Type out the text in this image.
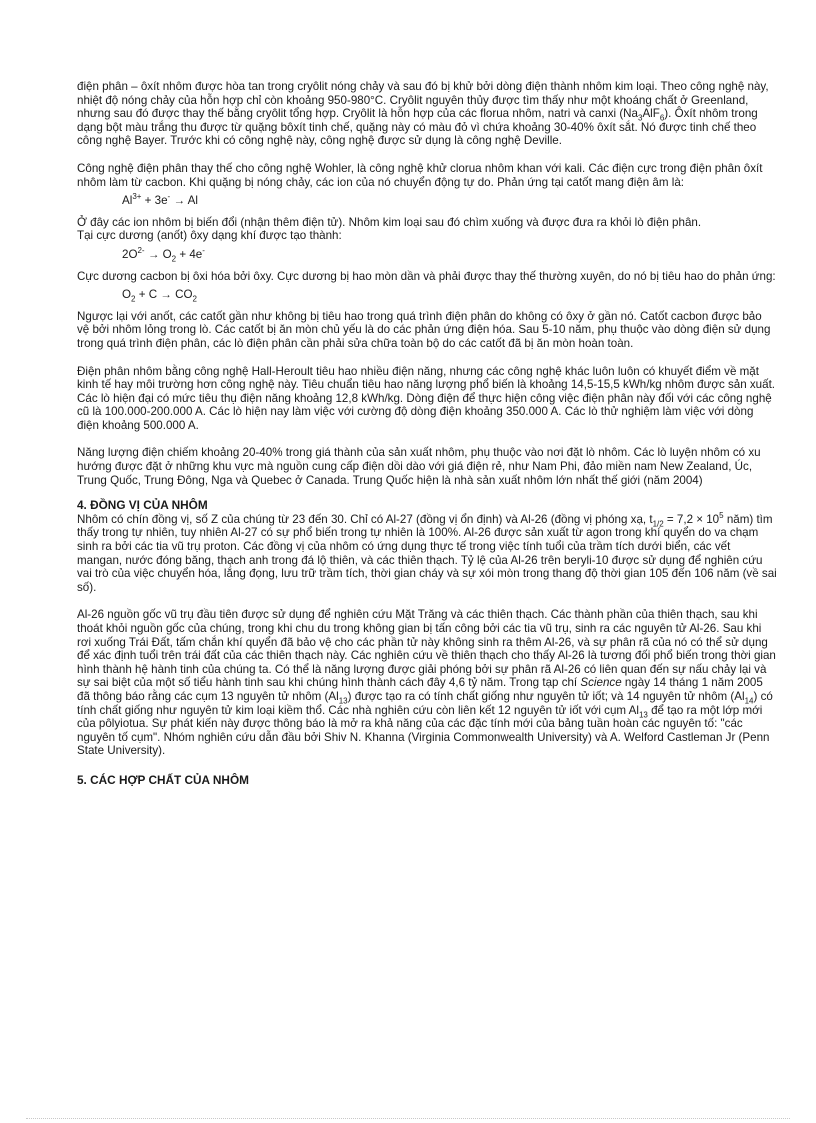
điện phân – ôxít nhôm được hòa tan trong cryôlit nóng chảy và sau đó bị khử bởi dòng điện thành nhôm kim loại. Theo công nghệ này, nhiệt độ nóng chảy của hỗn hợp chỉ còn khoảng 950-980°C. Cryôlit nguyên thủy được tìm thấy như một khoáng chất ở Greenland, nhưng sau đó được thay thế bằng cryôlit tổng hợp. Cryôlit là hỗn hợp của các florua nhôm, natri và canxi $(Na_3AlF_6)$. Ôxít nhôm trong dạng bột màu trắng thu được từ quặng bôxít tinh chế, quặng này có màu đỏ vì chứa khoảng 30-40% ôxít sắt. Nó được tinh chế theo công nghệ Bayer. Trước khi có công nghệ này, công nghệ được sử dụng là công nghệ Deville.

Công nghệ điện phân thay thế cho công nghệ Wohler, là công nghệ khử clorua nhôm khan với kali. Các điện cực trong điện phân ôxít nhôm làm từ cacbon. Khi quặng bị nóng chảy, các ion của nó chuyển động tự do. Phản ứng tại catốt mang điện âm là:

$Al^{3+} + 3e^- \to Al$

Ở đây các ion nhôm bị biến đổi (nhận thêm điện tử). Nhôm kim loại sau đó chìm xuống và được đưa ra khỏi lò điện phân.

Tại cực dương (anốt) ôxy dạng khí được tạo thành:

$2O^{2-} \to O_2 + 4e^-$

Cực dương cacbon bị ôxi hóa bởi ôxy. Cực dương bị hao mòn dần và phải được thay thế thường xuyên, do nó bị tiêu hao do phản ứng:

$O_2 + C \to CO_2$

Ngược lại với anốt, các catốt gần như không bị tiêu hao trong quá trình điện phân do không có ôxy ở gần nó. Catốt cacbon được bảo vệ bởi nhôm lỏng trong lò. Các catốt bị ăn mòn chủ yếu là do các phản ứng điện hóa. Sau 5-10 năm, phụ thuộc vào dòng điện sử dụng trong quá trình điện phân, các lò điện phân cần phải sửa chữa toàn bộ do các catốt đã bị ăn mòn hoàn toàn.

Điện phân nhôm bằng công nghệ Hall-Heroult tiêu hao nhiều điện năng, nhưng các công nghệ khác luôn luôn có khuyết điểm về mặt kinh tế hay môi trường hơn công nghệ này. Tiêu chuẩn tiêu hao năng lượng phổ biến là khoảng 14,5-15,5 kWh/kg nhôm được sản xuất. Các lò hiện đại có mức tiêu thụ điện năng khoảng 12,8 kWh/kg. Dòng điện để thực hiện công việc điện phân này đối với các công nghệ cũ là 100.000-200.000 A. Các lò hiện nay làm việc với cường độ dòng điện khoảng 350.000 A. Các lò thử nghiệm làm việc với dòng điện khoảng 500.000 A.

Năng lượng điện chiếm khoảng 20-40% trong giá thành của sản xuất nhôm, phụ thuộc vào nơi đặt lò nhôm. Các lò luyện nhôm có xu hướng được đặt ở những khu vực mà nguồn cung cấp điện dồi dào với giá điện rẻ, như Nam Phi, đảo miền nam New Zealand, Úc, Trung Quốc, Trung Đông, Nga và Quebec ở Canada. Trung Quốc hiện là nhà sản xuất nhôm lớn nhất thế giới (năm 2004)

4. ĐỒNG VỊ CỦA NHÔM

Nhôm có chín đồng vị, số Z của chúng từ 23 đến 30. Chỉ có Al-27 (đồng vị ổn định) và Al-26 (đồng vị phóng xạ, $t_{1/2} = 7,2 \times 10^5$ năm) tìm thấy trong tự nhiên, tuy nhiên Al-27 có sự phổ biến trong tự nhiên là 100%. Al-26 được sản xuất từ agon trong khí quyển do va chạm sinh ra bởi các tia vũ trụ proton. Các đồng vị của nhôm có ứng dụng thực tế trong việc tính tuổi của trầm tích dưới biển, các vết mangan, nước đóng băng, thạch anh trong đá lộ thiên, và các thiên thạch. Tỷ lệ của Al-26 trên beryli-10 được sử dụng để nghiên cứu vai trò của việc chuyển hóa, lắng đọng, lưu trữ trầm tích, thời gian cháy và sự xói mòn trong thang độ thời gian 105 đến 106 năm (về sai số).

Al-26 nguồn gốc vũ trụ đầu tiên được sử dụng để nghiên cứu Mặt Trăng và các thiên thạch. Các thành phần của thiên thạch, sau khi thoát khỏi nguồn gốc của chúng, trong khi chu du trong không gian bị tấn công bởi các tia vũ trụ, sinh ra các nguyên tử Al-26. Sau khi rơi xuống Trái Đất, tấm chắn khí quyển đã bảo vệ cho các phần tử này không sinh ra thêm Al-26, và sự phân rã của nó có thể sử dụng để xác định tuổi trên trái đất của các thiên thạch này. Các nghiên cứu về thiên thạch cho thấy Al-26 là tương đối phổ biến trong thời gian hình thành hệ hành tinh của chúng ta. Có thể là năng lượng được giải phóng bởi sự phân rã Al-26 có liên quan đến sự nấu chảy lại và sự sai biệt của một số tiểu hành tinh sau khi chúng hình thành cách đây 4,6 tỷ năm. Trong tạp chí Science ngày 14 tháng 1 năm 2005 đã thông báo rằng các cụm 13 nguyên tử nhôm $(Al_{13})$ được tạo ra có tính chất giống như nguyên tử iốt; và 14 nguyên tử nhôm $(Al_{14})$ có tính chất giống như nguyên tử kim loại kiềm thổ. Các nhà nghiên cứu còn liên kết 12 nguyên tử iốt với cụm $Al_{13}$ để tạo ra một lớp mới của pôlyiotua. Sự phát kiến này được thông báo là mở ra khả năng của các đặc tính mới của bảng tuần hoàn các nguyên tố: "các nguyên tố cụm". Nhóm nghiên cứu dẫn đầu bởi Shiv N. Khanna (Virginia Commonwealth University) và A. Welford Castleman Jr (Penn State University).

5. CÁC HỢP CHẤT CỦA NHÔM
